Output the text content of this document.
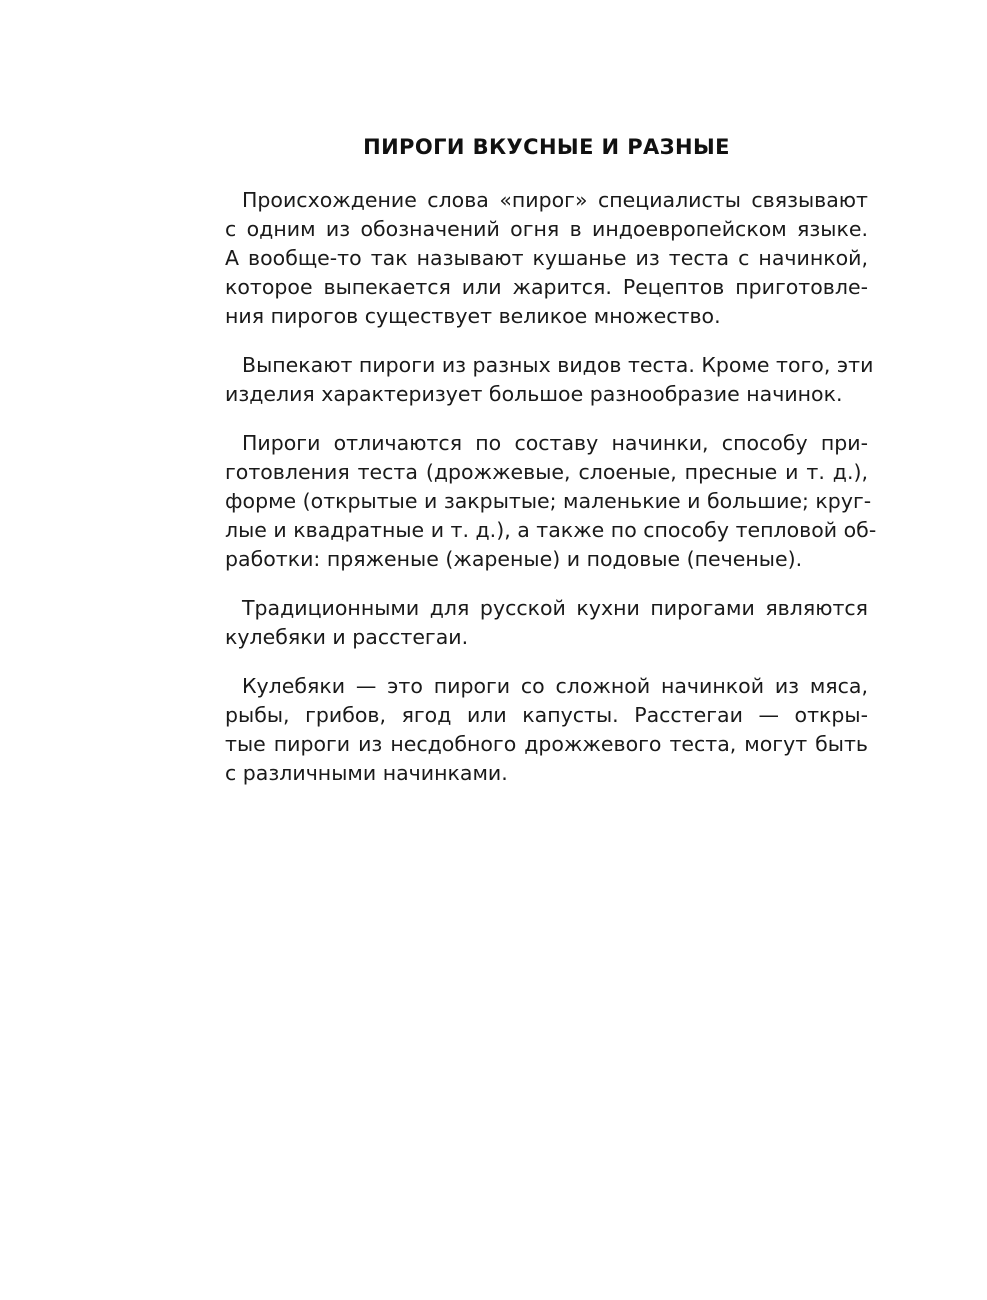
ПИРОГИ ВКУСНЫЕ И РАЗНЫЕ
Происхождение слова «пирог» специалисты связывают
с одним из обозначений огня в индоевропейском языке.
А вообще-то так называют кушанье из теста с начинкой,
которое выпекается или жарится. Рецептов приготовле-
ния пирогов существует великое множество.
Выпекают пироги из разных видов теста. Кроме того, эти
изделия характеризует большое разнообразие начинок.
Пироги отличаются по составу начинки, способу при-
готовления теста (дрожжевые, слоеные, пресные и т. д.),
форме (открытые и закрытые; маленькие и большие; круг-
лые и квадратные и т. д.), а также по способу тепловой об-
работки: пряженые (жареные) и подовые (печеные).
Традиционными для русской кухни пирогами являются
кулебяки и расстегаи.
Кулебяки — это пироги со сложной начинкой из мяса,
рыбы, грибов, ягод или капусты. Расстегаи — откры-
тые пироги из несдобного дрожжевого теста, могут быть
с различными начинками.
